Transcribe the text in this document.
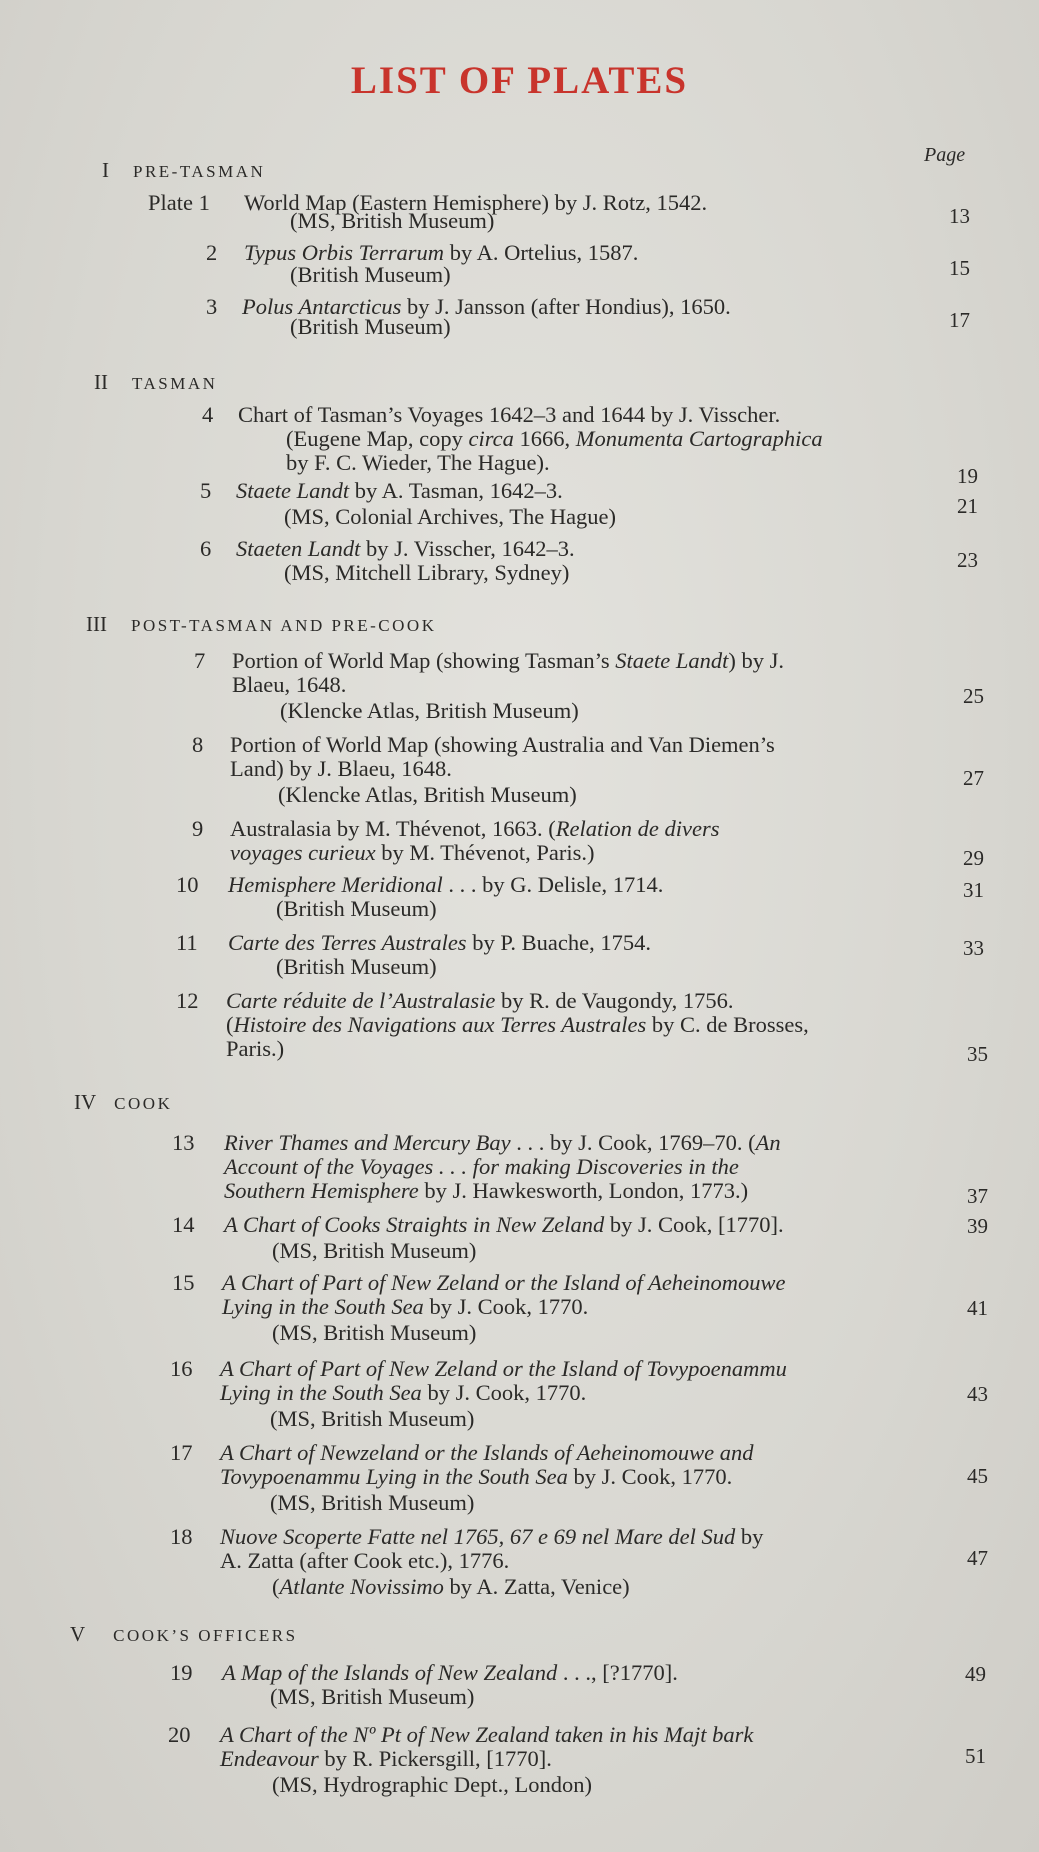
LIST OF PLATES
Page
I PRE-TASMAN
Plate 1 World Map (Eastern Hemisphere) by J. Rotz, 1542.
(MS, British Museum)	13
2 Typus Orbis Terrarum by A. Ortelius, 1587.
(British Museum)	15
3 Polus Antarcticus by J. Jansson (after Hondius), 1650.
(British Museum)	17
II TASMAN
4 Chart of Tasman’s Voyages 1642–3 and 1644 by J. Visscher.
(Eugene Map, copy circa 1666, Monumenta Cartographica
by F. C. Wieder, The Hague).
19
5 Staete Landt by A. Tasman, 1642–3.
(MS, Colonial Archives, The Hague)	21
6 Staeten Landt by J. Visscher, 1642–3.
(MS, Mitchell Library, Sydney)	23
III POST-TASMAN AND PRE-COOK
7 Portion of World Map (showing Tasman’s Staete Landt) by J.
Blaeu, 1648.
(Klencke Atlas, British Museum)
25
8 Portion of World Map (showing Australia and Van Diemen’s
Land) by J. Blaeu, 1648.
(Klencke Atlas, British Museum)
27
9 Australasia by M. Thévenot, 1663. (Relation de divers
voyages curieux by M. Thévenot, Paris.)	29
10 Hemisphere Meridional . . . by G. Delisle, 1714.
(British Museum)
31
11 Carte des Terres Australes by P. Buache, 1754.
(British Museum)
33
12 Carte réduite de l’Australasie by R. de Vaugondy, 1756.
(Histoire des Navigations aux Terres Australes by C. de Brosses,
Paris.)	35
IV COOK
13 River Thames and Mercury Bay . . . by J. Cook, 1769–70. (An
Account of the Voyages . . . for making Discoveries in the
Southern Hemisphere by J. Hawkesworth, London, 1773.)	37
14 A Chart of Cooks Straights in New Zeland by J. Cook, [1770].
(MS, British Museum)
39
15 A Chart of Part of New Zeland or the Island of Aeheinomouwe
Lying in the South Sea by J. Cook, 1770.
(MS, British Museum)
41
16 A Chart of Part of New Zeland or the Island of Tovypoenammu
Lying in the South Sea by J. Cook, 1770.
(MS, British Museum)
43
17 A Chart of Newzeland or the Islands of Aeheinomouwe and
Tovypoenammu Lying in the South Sea by J. Cook, 1770.
(MS, British Museum)
45
18 Nuove Scoperte Fatte nel 1765, 67 e 69 nel Mare del Sud by
A. Zatta (after Cook etc.), 1776.
(Atlante Novissimo by A. Zatta, Venice)
47
V COOK’S OFFICERS
19 A Map of the Islands of New Zealand . . ., [?1770].
(MS, British Museum)
49
20 A Chart of the Nº Pt of New Zealand taken in his Majt bark
Endeavour by R. Pickersgill, [1770].
(MS, Hydrographic Dept., London)
51
